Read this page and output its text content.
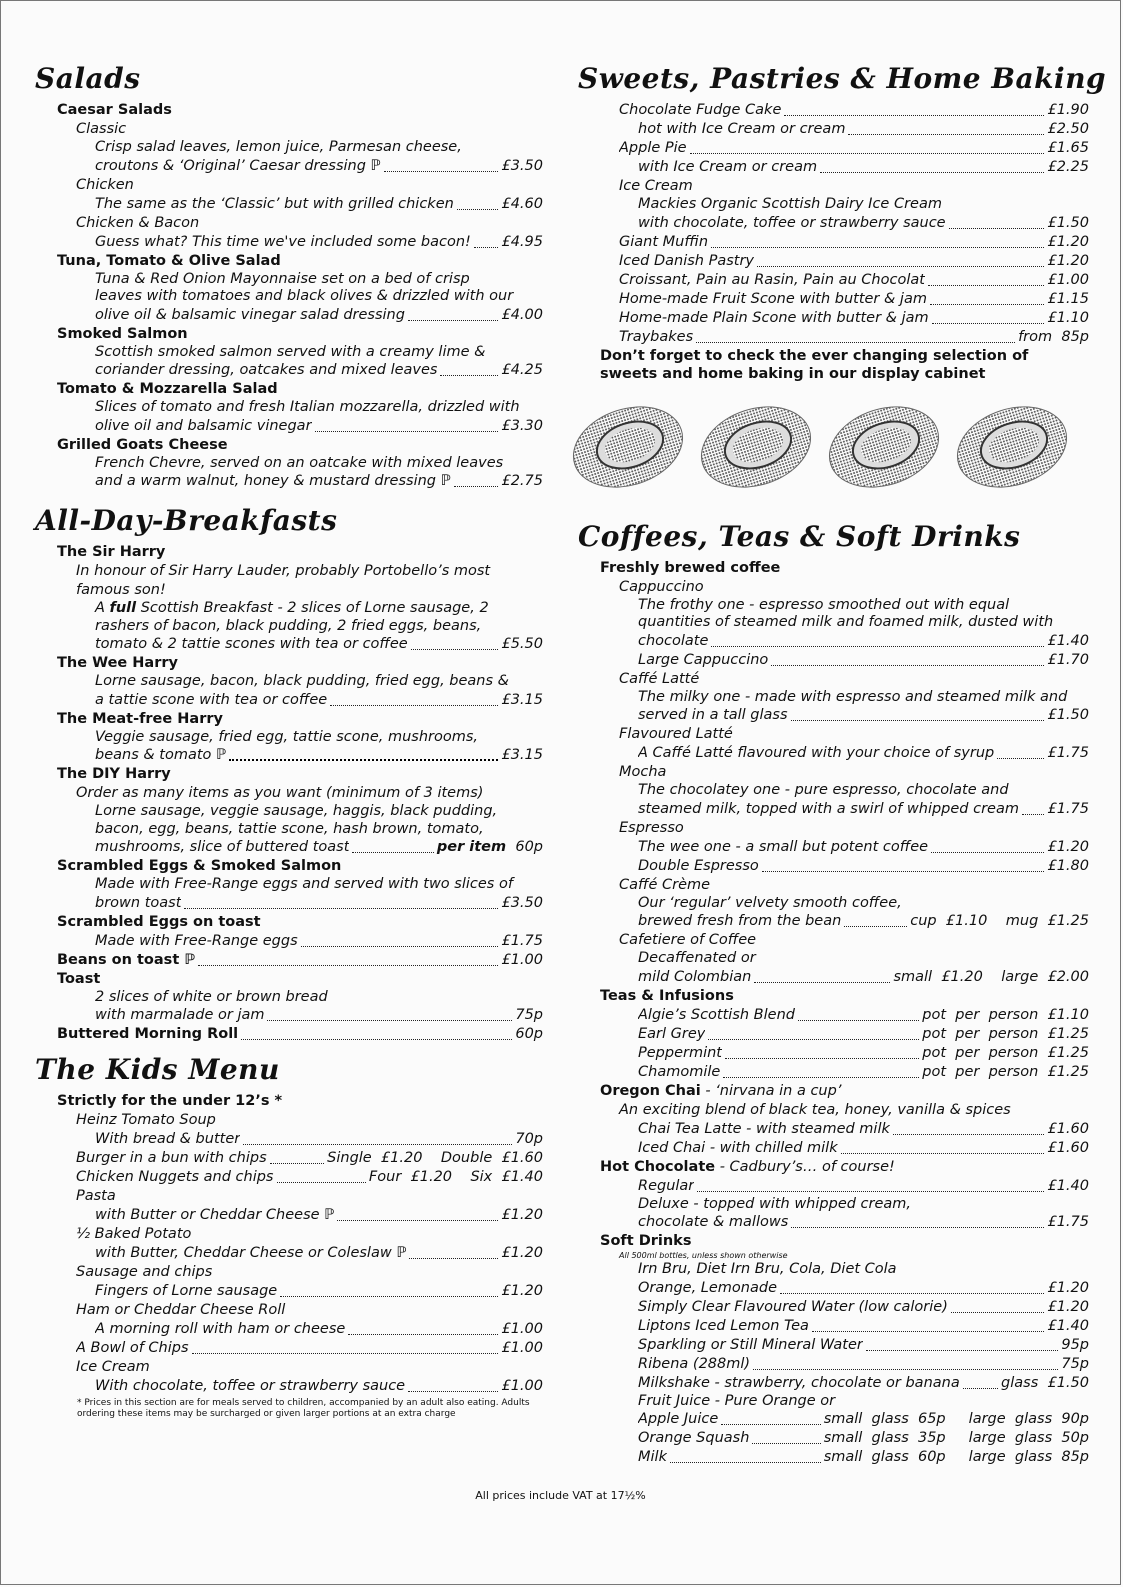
Salads
Caesar Salads
Classic
Crisp salad leaves, lemon juice, Parmesan cheese,
croutons & ‘Original’ Caesar dressing ℙ	£3.50
Chicken
The same as the ‘Classic’ but with grilled chicken	£4.60
Chicken & Bacon
Guess what? This time we've included some bacon! £4.95
Tuna, Tomato & Olive Salad
Tuna & Red Onion Mayonnaise set on a bed of crisp
leaves with tomatoes and black olives & drizzled with our
olive oil & balsamic vinegar salad dressing	£4.00
Smoked Salmon
Scottish smoked salmon served with a creamy lime &
coriander dressing, oatcakes and mixed leaves	£4.25
Tomato & Mozzarella Salad
Slices of tomato and fresh Italian mozzarella, drizzled with
olive oil and balsamic vinegar	£3.30
Grilled Goats Cheese
French Chevre, served on an oatcake with mixed leaves
and a warm walnut, honey & mustard dressing ℙ	£2.75
All-Day-Breakfasts
The Sir Harry
In honour of Sir Harry Lauder, probably Portobello’s most
famous son!
A full Scottish Breakfast - 2 slices of Lorne sausage, 2
rashers of bacon, black pudding, 2 fried eggs, beans,
tomato & 2 tattie scones with tea or coffee	£5.50
The Wee Harry
Lorne sausage, bacon, black pudding, fried egg, beans &
a tattie scone with tea or coffee	£3.15
The Meat-free Harry
Veggie sausage, fried egg, tattie scone, mushrooms,
beans & tomato ℙ	£3.15
The DIY Harry
Order as many items as you want (minimum of 3 items)
Lorne sausage, veggie sausage, haggis, black pudding,
bacon, egg, beans, tattie scone, hash brown, tomato,
mushrooms, slice of buttered toast	per item 60p
Scrambled Eggs & Smoked Salmon
Made with Free-Range eggs and served with two slices of
brown toast	£3.50
Scrambled Eggs on toast
Made with Free-Range eggs	£1.75
Beans on toast ℙ	£1.00
Toast
2 slices of white or brown bread
with marmalade or jam	75p
Buttered Morning Roll	60p
The Kids Menu
Strictly for the under 12’s *
Heinz Tomato Soup
With bread & butter	70p
Burger in a bun with chips	Single  £1.20    Double  £1.60
Chicken Nuggets and chips	Four  £1.20    Six  £1.40
Pasta
with Butter or Cheddar Cheese ℙ	£1.20
½ Baked Potato
with Butter, Cheddar Cheese or Coleslaw ℙ	£1.20
Sausage and chips
Fingers of Lorne sausage	£1.20
Ham or Cheddar Cheese Roll
A morning roll with ham or cheese	£1.00
A Bowl of Chips	£1.00
Ice Cream
With chocolate, toffee or strawberry sauce	£1.00
* Prices in this section are for meals served to children, accompanied by an adult also eating. Adults
ordering these items may be surcharged or given larger portions at an extra charge
Sweets, Pastries & Home Baking
Chocolate Fudge Cake	£1.90
hot with Ice Cream or cream	£2.50
Apple Pie	£1.65
with Ice Cream or cream	£2.25
Ice Cream
Mackies Organic Scottish Dairy Ice Cream
with chocolate, toffee or strawberry sauce	£1.50
Giant Muffin	£1.20
Iced Danish Pastry	£1.20
Croissant, Pain au Rasin, Pain au Chocolat	£1.00
Home-made Fruit Scone with butter & jam	£1.15
Home-made Plain Scone with butter & jam	£1.10
Traybakes	from  85p
Don’t forget to check the ever changing selection of
sweets and home baking in our display cabinet
Coffees, Teas & Soft Drinks
Freshly brewed coffee
Cappuccino
The frothy one - espresso smoothed out with equal
quantities of steamed milk and foamed milk, dusted with
chocolate	£1.40
Large Cappuccino	£1.70
Caffé Latté
The milky one - made with espresso and steamed milk and
served in a tall glass	£1.50
Flavoured Latté
A Caffé Latté flavoured with your choice of syrup	£1.75
Mocha
The chocolatey one - pure espresso, chocolate and
steamed milk, topped with a swirl of whipped cream £1.75
Espresso
The wee one - a small but potent coffee	£1.20
Double Espresso	£1.80
Caffé Crème
Our ‘regular’ velvety smooth coffee,
brewed fresh from the bean	cup  £1.10    mug  £1.25
Cafetiere of Coffee
Decaffenated or
mild Colombian	small  £1.20    large  £2.00
Teas & Infusions
Algie’s Scottish Blend	pot  per  person  £1.10
Earl Grey	pot  per  person  £1.25
Peppermint	pot  per  person  £1.25
Chamomile	pot  per  person  £1.25
Oregon Chai - ‘nirvana in a cup’
An exciting blend of black tea, honey, vanilla & spices
Chai Tea Latte - with steamed milk	£1.60
Iced Chai - with chilled milk	£1.60
Hot Chocolate - Cadbury’s… of course!
Regular	£1.40
Deluxe - topped with whipped cream,
chocolate & mallows	£1.75
Soft Drinks
All 500ml bottles, unless shown otherwise
Irn Bru, Diet Irn Bru, Cola, Diet Cola
Orange, Lemonade	£1.20
Simply Clear Flavoured Water (low calorie)	£1.20
Liptons Iced Lemon Tea	£1.40
Sparkling or Still Mineral Water	95p
Ribena (288ml)	75p
Milkshake - strawberry, chocolate or banana	glass  £1.50
Fruit Juice - Pure Orange or
Apple Juice	small  glass  65p     large  glass  90p
Orange Squash	small  glass  35p     large  glass  50p
Milk	small  glass  60p     large  glass  85p
All prices include VAT at 17½%
